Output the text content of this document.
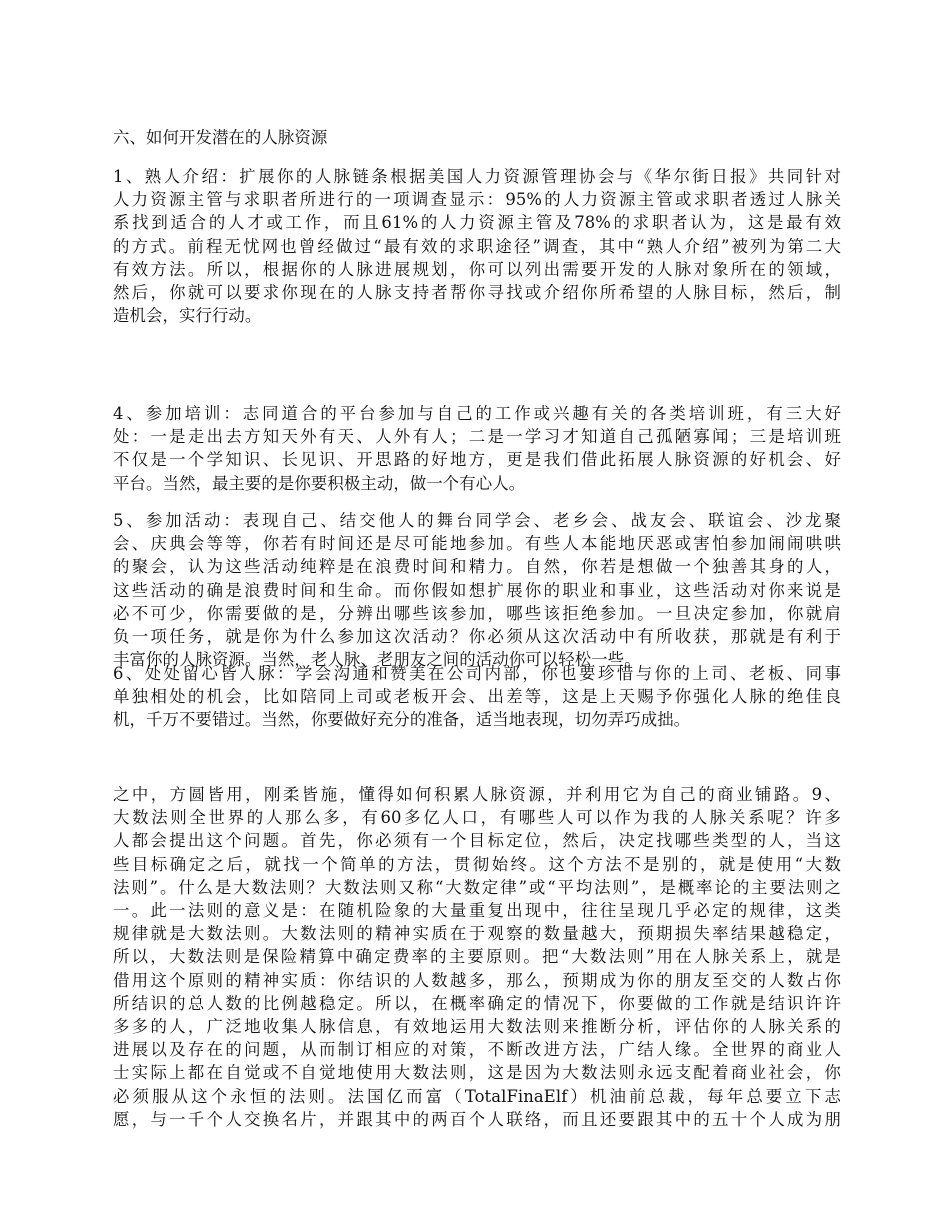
六、如何开发潜在的人脉资源
1、熟人介绍：扩展你的人脉链条根据美国人力资源管理协会与《华尔街日报》共同针对
人力资源主管与求职者所进行的一项调查显示：95%的人力资源主管或求职者透过人脉关
系找到适合的人才或工作，而且61%的人力资源主管及78%的求职者认为，这是最有效
的方式。前程无忧网也曾经做过“最有效的求职途径”调查，其中“熟人介绍”被列为第二大
有效方法。所以，根据你的人脉进展规划，你可以列出需要开发的人脉对象所在的领域，
然后，你就可以要求你现在的人脉支持者帮你寻找或介绍你所希望的人脉目标，然后，制
造机会，实行行动。
4、参加培训：志同道合的平台参加与自己的工作或兴趣有关的各类培训班，有三大好
处：一是走出去方知天外有天、人外有人；二是一学习才知道自己孤陋寡闻；三是培训班
不仅是一个学知识、长见识、开思路的好地方，更是我们借此拓展人脉资源的好机会、好
平台。当然，最主要的是你要积极主动，做一个有心人。
5、参加活动：表现自己、结交他人的舞台同学会、老乡会、战友会、联谊会、沙龙聚
会、庆典会等等，你若有时间还是尽可能地参加。有些人本能地厌恶或害怕参加闹闹哄哄
的聚会，认为这些活动纯粹是在浪费时间和精力。自然，你若是想做一个独善其身的人，
这些活动的确是浪费时间和生命。而你假如想扩展你的职业和事业，这些活动对你来说是
必不可少，你需要做的是，分辨出哪些该参加，哪些该拒绝参加。一旦决定参加，你就肩
负一项任务，就是你为什么参加这次活动？你必须从这次活动中有所收获，那就是有利于
丰富你的人脉资源。当然，老人脉、老朋友之间的活动你可以轻松一些。
6、处处留心皆人脉：学会沟通和赞美在公司内部，你也要珍惜与你的上司、老板、同事
单独相处的机会，比如陪同上司或老板开会、出差等，这是上天赐予你强化人脉的绝佳良
机，千万不要错过。当然，你要做好充分的准备，适当地表现，切勿弄巧成拙。
之中，方圆皆用，刚柔皆施，懂得如何积累人脉资源，并利用它为自己的商业铺路。9、
大数法则全世界的人那么多，有60多亿人口，有哪些人可以作为我的人脉关系呢？许多
人都会提出这个问题。首先，你必须有一个目标定位，然后，决定找哪些类型的人，当这
些目标确定之后，就找一个简单的方法，贯彻始终。这个方法不是别的，就是使用“大数
法则”。什么是大数法则？大数法则又称“大数定律”或“平均法则”，是概率论的主要法则之
一。此一法则的意义是：在随机险象的大量重复出现中，往往呈现几乎必定的规律，这类
规律就是大数法则。大数法则的精神实质在于观察的数量越大，预期损失率结果越稳定，
所以，大数法则是保险精算中确定费率的主要原则。把“大数法则”用在人脉关系上，就是
借用这个原则的精神实质：你结识的人数越多，那么，预期成为你的朋友至交的人数占你
所结识的总人数的比例越稳定。所以，在概率确定的情况下，你要做的工作就是结识许许
多多的人，广泛地收集人脉信息，有效地运用大数法则来推断分析，评估你的人脉关系的
进展以及存在的问题，从而制订相应的对策，不断改进方法，广结人缘。全世界的商业人
士实际上都在自觉或不自觉地使用大数法则，这是因为大数法则永远支配着商业社会，你
必须服从这个永恒的法则。法国亿而富（TotalFinaElf）机油前总裁，每年总要立下志
愿，与一千个人交换名片，并跟其中的两百个人联络，而且还要跟其中的五十个人成为朋
